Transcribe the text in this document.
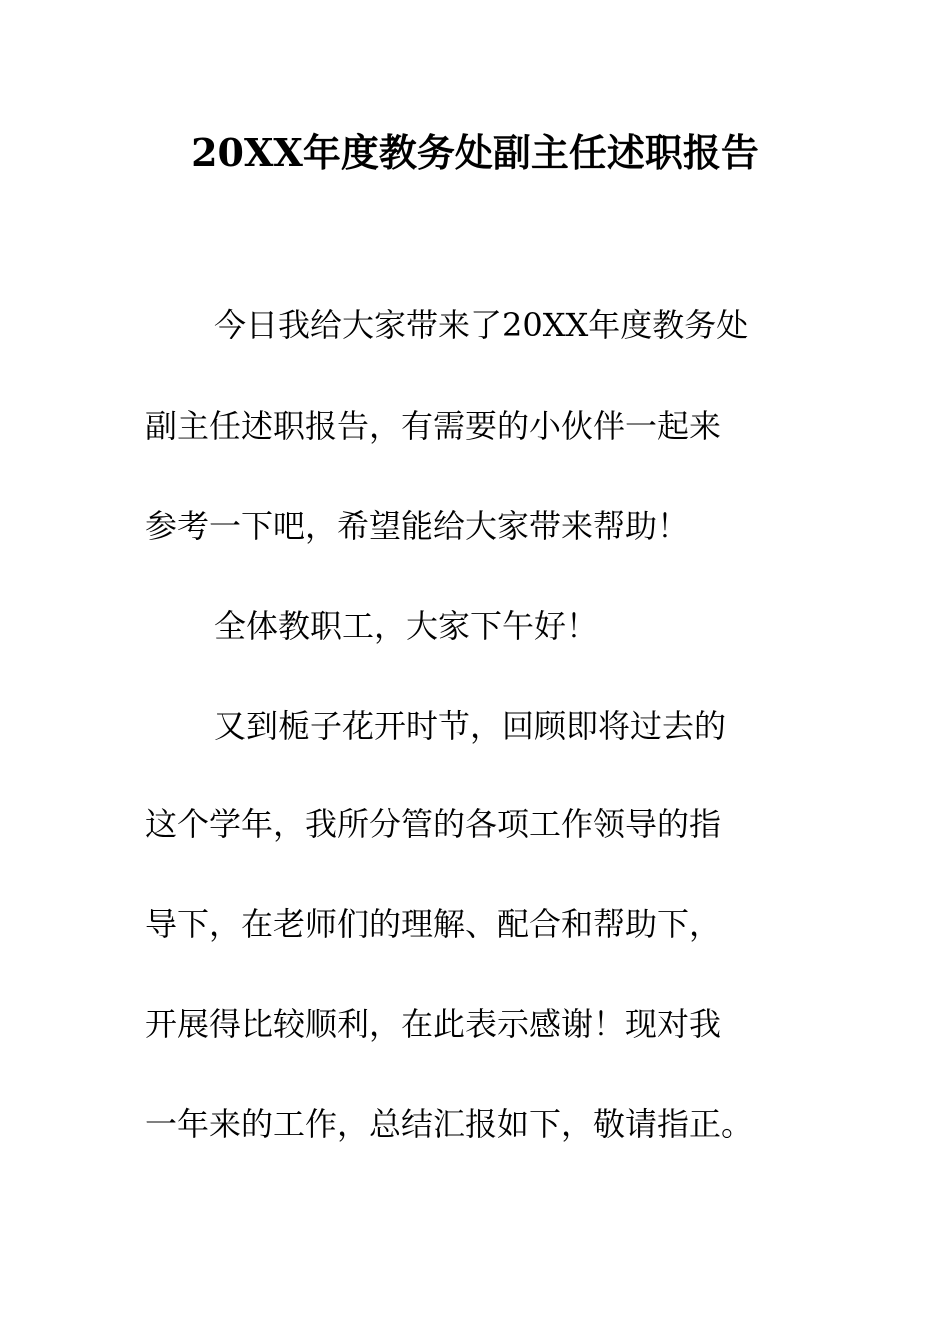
20XX年度教务处副主任述职报告
今日我给大家带来了20XX年度教务处
副主任述职报告，有需要的小伙伴一起来
参考一下吧，希望能给大家带来帮助！
全体教职工，大家下午好！
又到栀子花开时节，回顾即将过去的
这个学年，我所分管的各项工作领导的指
导下，在老师们的理解、配合和帮助下，
开展得比较顺利，在此表示感谢！现对我
一年来的工作，总结汇报如下，敬请指正。
